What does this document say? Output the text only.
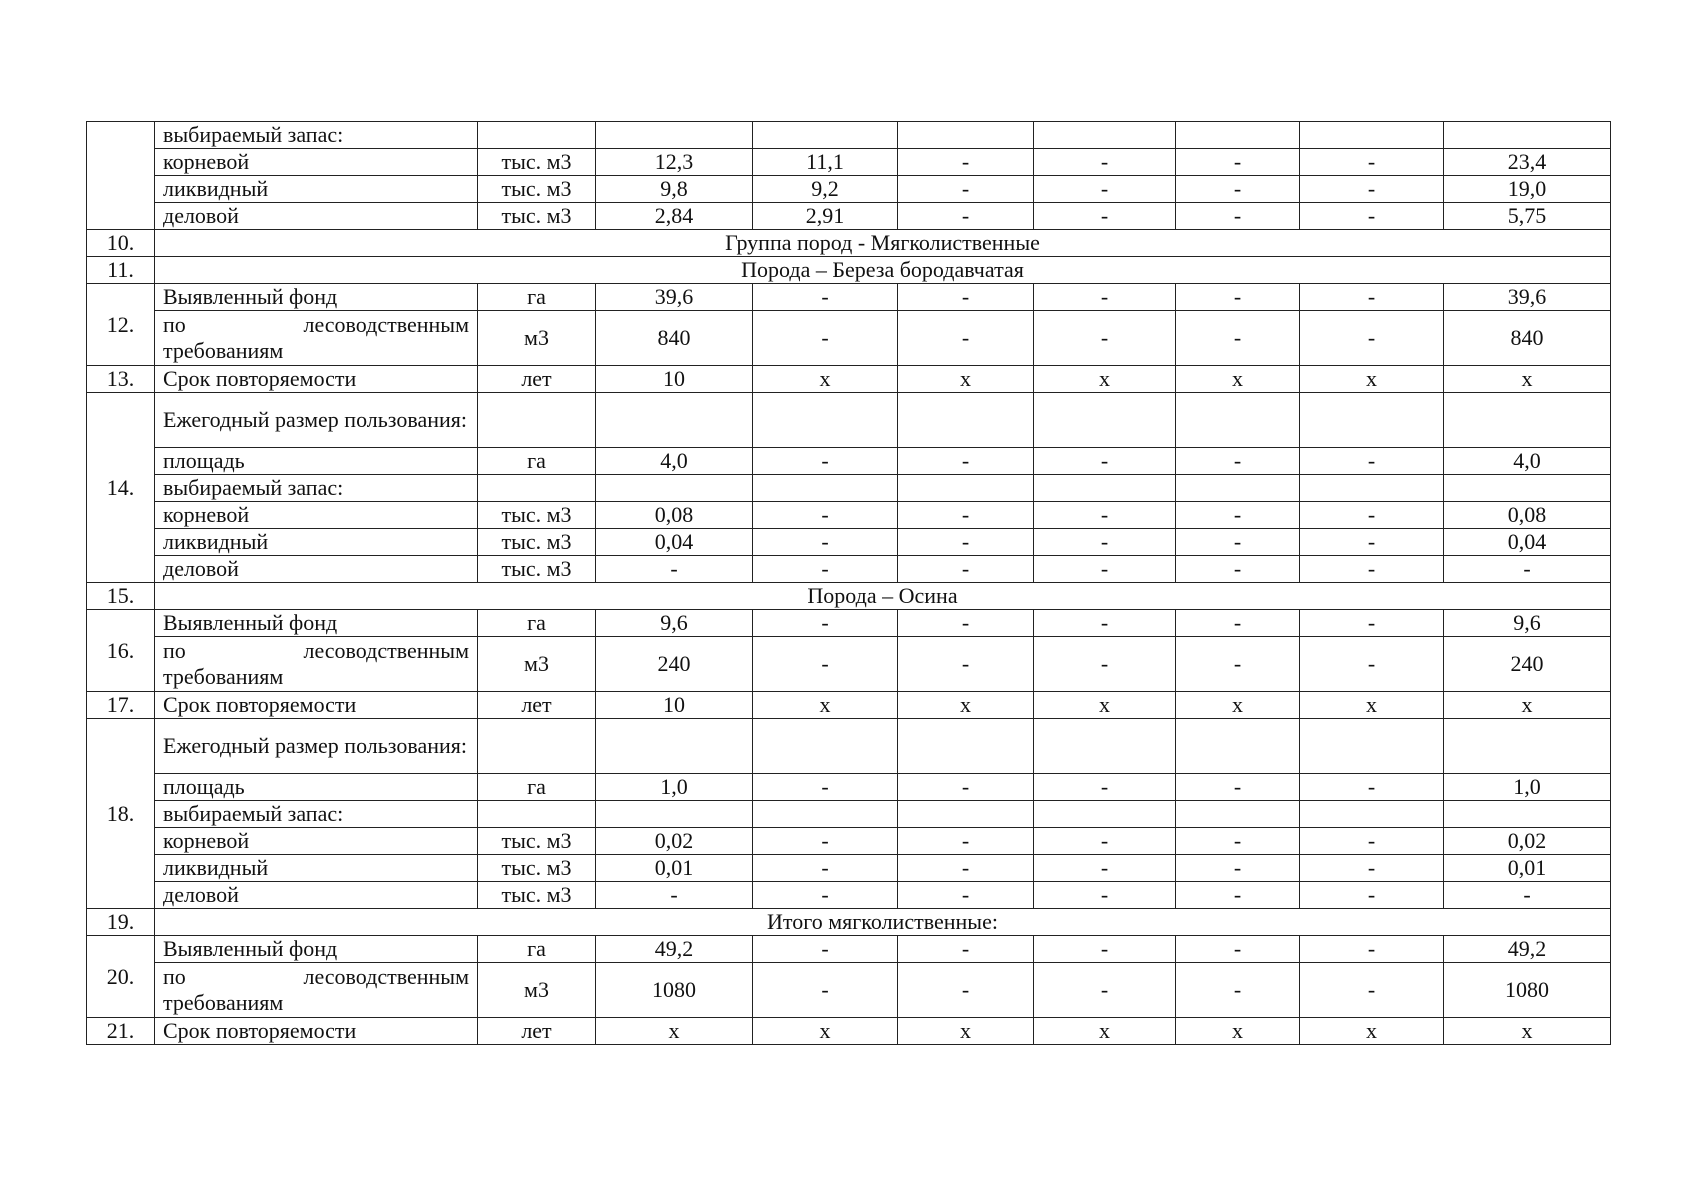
	выбираемый запас:								
	корневой	тыс. м3	12,3	11,1	-	-	-	-	23,4
	ликвидный	тыс. м3	9,8	9,2	-	-	-	-	19,0
	деловой	тыс. м3	2,84	2,91	-	-	-	-	5,75
10.	Группа пород - Мягколиственные								
11.	Порода – Береза бородавчатая								
12.	Выявленный фонд	га	39,6	-	-	-	-	-	39,6
	по лесоводственным требованиям	м3	840	-	-	-	-	-	840
13.	Срок повторяемости	лет	10	х	х	х	х	х	х
14.	Ежегодный размер пользования:								
	площадь	га	4,0	-	-	-	-	-	4,0
	выбираемый запас:								
	корневой	тыс. м3	0,08	-	-	-	-	-	0,08
	ликвидный	тыс. м3	0,04	-	-	-	-	-	0,04
	деловой	тыс. м3	-	-	-	-	-	-	-
15.	Порода – Осина								
16.	Выявленный фонд	га	9,6	-	-	-	-	-	9,6
	по лесоводственным требованиям	м3	240	-	-	-	-	-	240
17.	Срок повторяемости	лет	10	х	х	х	х	х	х
18.	Ежегодный размер пользования:								
	площадь	га	1,0	-	-	-	-	-	1,0
	выбираемый запас:								
	корневой	тыс. м3	0,02	-	-	-	-	-	0,02
	ликвидный	тыс. м3	0,01	-	-	-	-	-	0,01
	деловой	тыс. м3	-	-	-	-	-	-	-
19.	Итого мягколиственные:								
20.	Выявленный фонд	га	49,2	-	-	-	-	-	49,2
	по лесоводственным требованиям	м3	1080	-	-	-	-	-	1080
21.	Срок повторяемости	лет	х	х	х	х	х	х	х
